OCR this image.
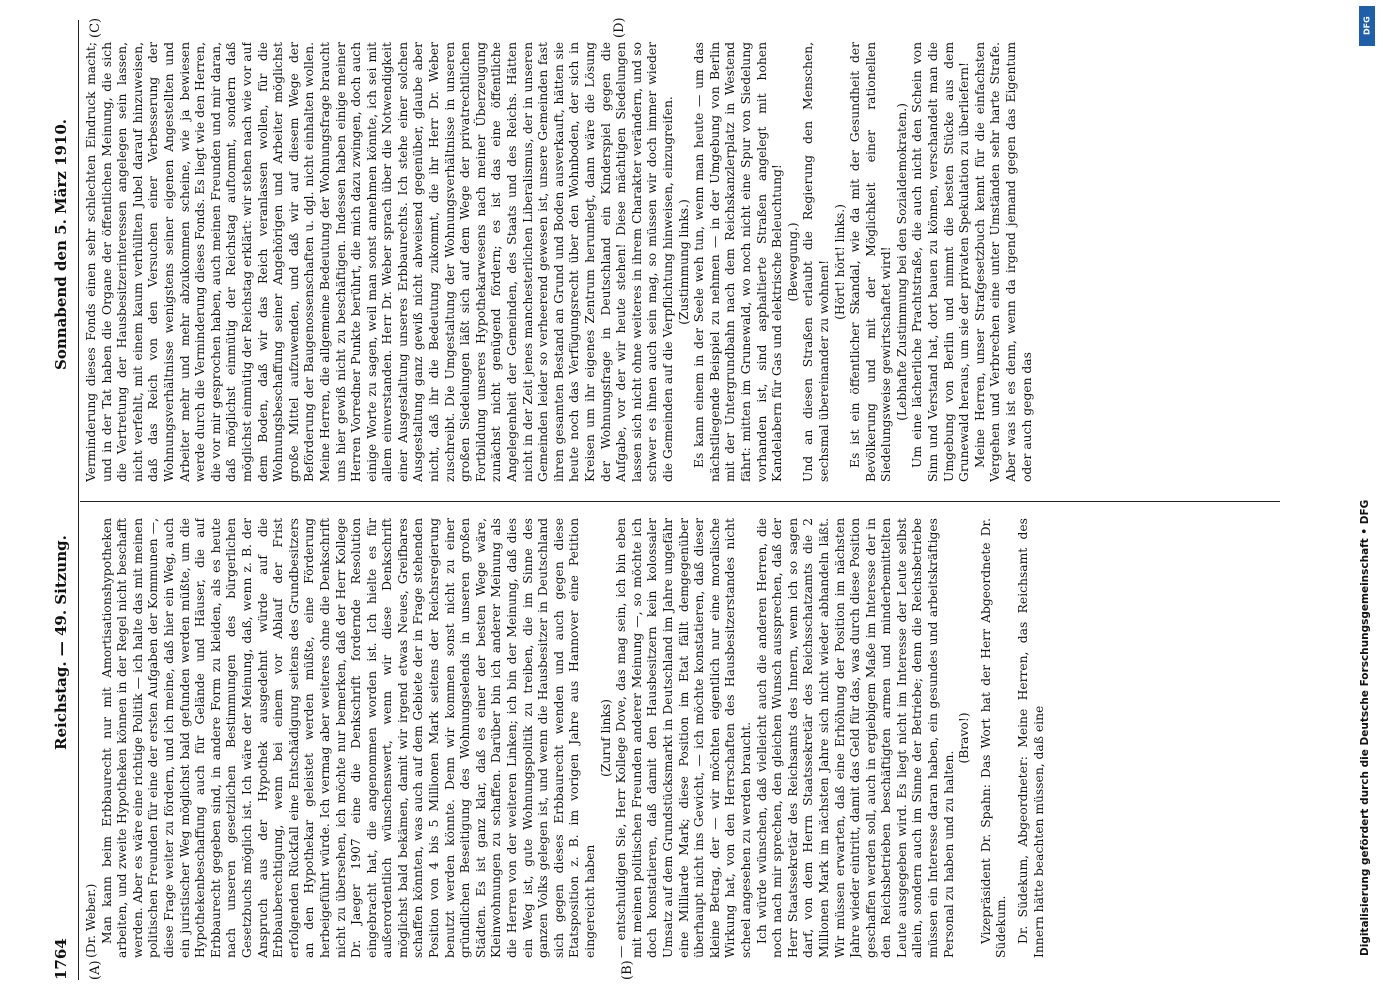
1764
Reichstag. — 49. Sitzung.
Sonnabend den 5. März 1910.
(A)	(B)
(C)	(D)

(Dr. Weber.) Man kann beim Erbbaurecht nur mit Amortisationshypotheken arbeiten, und zweite Hypotheken können in der Regel nicht beschafft werden. Aber es wäre eine richtige Politik — ich halte das mit meinen politischen Freunden für eine der ersten Aufgaben der Kommunen —, diese Frage weiter zu fördern, und ich meine, daß hier ein Weg, auch ein juristischer Weg möglichst bald gefunden werden müßte, um die Hypothekenbeschaffung auch für Gelände und Häuser, die auf Erbbaurecht gegeben sind, in andere Form zu kleiden, als es heute nach unseren gesetzlichen Bestimmungen des bürgerlichen Gesetzbuchs möglich ist. Ich wäre der Meinung, daß, wenn z. B. der Anspruch aus der Hypothek ausgedehnt würde auf die Erbbauberechtigung, wenn bei einem vor Ablauf der Frist erfolgenden Rückfall eine Entschädigung seitens des Grundbesitzers an den Hypothekar geleistet werden müßte, eine Förderung herbeigeführt würde. Ich vermag aber weiteres ohne die Denkschrift nicht zu übersehen, ich möchte nur bemerken, daß der Herr Kollege Dr. Jaeger 1907 eine die Denkschrift fordernde Resolution eingebracht hat, die angenommen worden ist. Ich hielte es für außerordentlich wünschenswert, wenn wir diese Denkschrift möglichst bald bekämen, damit wir irgend etwas Neues, Greifbares schaffen könnten, was auch auf dem Gebiete der in Frage stehenden Position von 4 bis 5 Millionen Mark seitens der Reichsregierung benutzt werden könnte. Denn wir kommen sonst nicht zu einer gründlichen Beseitigung des Wohnungselends in unseren großen Städten. Es ist ganz klar, daß es einer der besten Wege wäre, Kleinwohnungen zu schaffen. Darüber bin ich anderer Meinung als die Herren von der weiteren Linken; ich bin der Meinung, daß dies ein Weg ist, gute Wohnungspolitik zu treiben, die im Sinne des ganzen Volks gelegen ist, und wenn die Hausbesitzer in Deutschland sich gegen dieses Erbbaurecht wenden und auch gegen diese Etatsposition z. B. im vorigen Jahre aus Hannover eine Petition eingereicht haben

(Zuruf links) — entschuldigen Sie, Herr Kollege Dove, das mag sein, ich bin eben mit meinen politischen Freunden anderer Meinung —, so möchte ich doch konstatieren, daß damit den Hausbesitzern kein kolossaler Umsatz auf dem Grundstücksmarkt in Deutschland im Jahre ungefähr eine Milliarde Mark; diese Position im Etat fällt demgegenüber überhaupt nicht ins Gewicht, — ich möchte konstatieren, daß dieser kleine Betrag, der — wir möchten eigentlich nur eine moralische Wirkung hat, von den Herrschaften des Hausbesitzerstandes nicht scheel angesehen zu werden braucht. Ich würde wünschen, daß vielleicht auch die anderen Herren, die noch nach mir sprechen, den gleichen Wunsch aussprechen, daß der Herr Staatssekretär des Reichsamts des Innern, wenn ich so sagen darf, von dem Herrn Staatssekretär des Reichsschatzamts die 2 Millionen Mark im nächsten Jahre sich nicht wieder abhandeln läßt. Wir müssen erwarten, daß eine Erhöhung der Position im nächsten Jahre wieder eintritt, damit das Geld für das, was durch diese Position geschaffen werden soll, auch in ergiebigem Maße im Interesse der in den Reichsbetrieben beschäftigten armen und minderbemittelten Leute ausgegeben wird. Es liegt nicht im Interesse der Leute selbst allein, sondern auch im Sinne der Betriebe; denn die Reichsbetriebe müssen ein Interesse daran haben, ein gesundes und arbeitskräftiges Personal zu haben und zu halten.

(Bravo!) Vizepräsident Dr. Spahn: Das Wort hat der Herr Abgeordnete Dr. Südekum. Dr. Südekum, Abgeordneter: Meine Herren, das Reichsamt des Innern hätte beachten müssen, daß eine

Verminderung dieses Fonds einen sehr schlechten Eindruck macht; und in der Tat haben die Organe der öffentlichen Meinung, die sich die Vertretung der Hausbesitzerinteressen angelegen sein lassen, nicht verfehlt, mit einem kaum verhüllten Jubel darauf hinzuweisen, daß das Reich von den Versuchen einer Verbesserung der Wohnungsverhältnisse wenigstens seiner eigenen Angestellten und Arbeiter mehr und mehr abzukommen scheine, wie ja bewiesen werde durch die Verminderung dieses Fonds. Es liegt wie den Herren, die vor mir gesprochen haben, auch meinen Freunden und mir daran, daß möglichst einmütig der Reichstag auftommt, sondern daß möglichst einmütig der Reichstag erklärt: wir stehen nach wie vor auf dem Boden, daß wir das Reich veranlassen wollen, für die Wohnungsbeschaffung seiner Angehörigen und Arbeiter möglichst große Mittel aufzuwenden, und daß wir auf diesem Wege der Beförderung der Baugenossenschaften u. dgl. nicht einhalten wollen. Meine Herren, die allgemeine Bedeutung der Wohnungsfrage braucht uns hier gewiß nicht zu beschäftigen. Indessen haben einige meiner Herren Vorredner Punkte berührt, die mich dazu zwingen, doch auch einige Worte zu sagen, weil man sonst annehmen könnte, ich sei mit allem einverstanden. Herr Dr. Weber sprach über die Notwendigkeit einer Ausgestaltung unseres Erbbaurechts. Ich stehe einer solchen Ausgestaltung ganz gewiß nicht abweisend gegenüber, glaube aber nicht, daß ihr die Bedeutung zukommt, die ihr Herr Dr. Weber zuschreibt. Die Umgestaltung der Wohnungsverhältnisse in unseren großen Siedelungen läßt sich auf dem Wege der privatrechtlichen Fortbildung unseres Hypothekarwesens nach meiner Überzeugung zunächst nicht genügend fördern; es ist das eine öffentliche Angelegenheit der Gemeinden, des Staats und des Reichs. Hätten nicht in der Zeit jenes manchesterlichen Liberalismus, der in unseren Gemeinden leider so verheerend gewesen ist, unsere Gemeinden fast ihren gesamten Bestand an Grund und Boden ausverkauft, hätten sie heute noch das Verfügungsrecht über den Wohnboden, der sich in Kreisen um ihr eigenes Zentrum herumlegt, dann wäre die Lösung der Wohnungsfrage in Deutschland ein Kinderspiel gegen die Aufgabe, vor der wir heute stehen! Diese mächtigen Siedelungen lassen sich nicht ohne weiteres in ihrem Charakter verändern, und so schwer es ihnen auch sein mag, so müssen wir doch immer wieder die Gemeinden auf die Verpflichtung hinweisen, einzugreifen. (Zustimmung links.) Es kann einem in der Seele weh tun, wenn man heute — um das nächstliegende Beispiel zu nehmen — in der Umgebung von Berlin mit der Untergrundbahn nach dem Reichskanzlerplatz in Westend fährt: mitten im Grunewald, wo noch nicht eine Spur von Siedelung vorhanden ist, sind asphaltierte Straßen angelegt mit hohen Kandelabern für Gas und elektrische Beleuchtung! (Bewegung.) Und an diesen Straßen erlaubt die Regierung den Menschen, sechsmal übereinander zu wohnen! (Hört! hört! links.) Es ist ein öffentlicher Skandal, wie da mit der Gesundheit der Bevölkerung und mit der Möglichkeit einer rationellen Siedelungsweise gewirtschaftet wird! (Lebhafte Zustimmung bei den Sozialdemokraten.) Um eine lächerliche Prachtstraße, die auch nicht den Schein von Sinn und Verstand hat, dort bauen zu können, verschandelt man die Umgebung von Berlin und nimmt die besten Stücke aus dem Grunewald heraus, um sie der privaten Spekulation zu überliefern! Meine Herren, unser Strafgesetzbuch kennt für die einfachsten Vergehen und Verbrechen eine unter Umständen sehr harte Strafe. Aber was ist es denn, wenn da irgend jemand gegen das Eigentum oder auch gegen das

DFG
Digitalisierung gefördert durch die Deutsche Forschungsgemeinschaft • DFG
